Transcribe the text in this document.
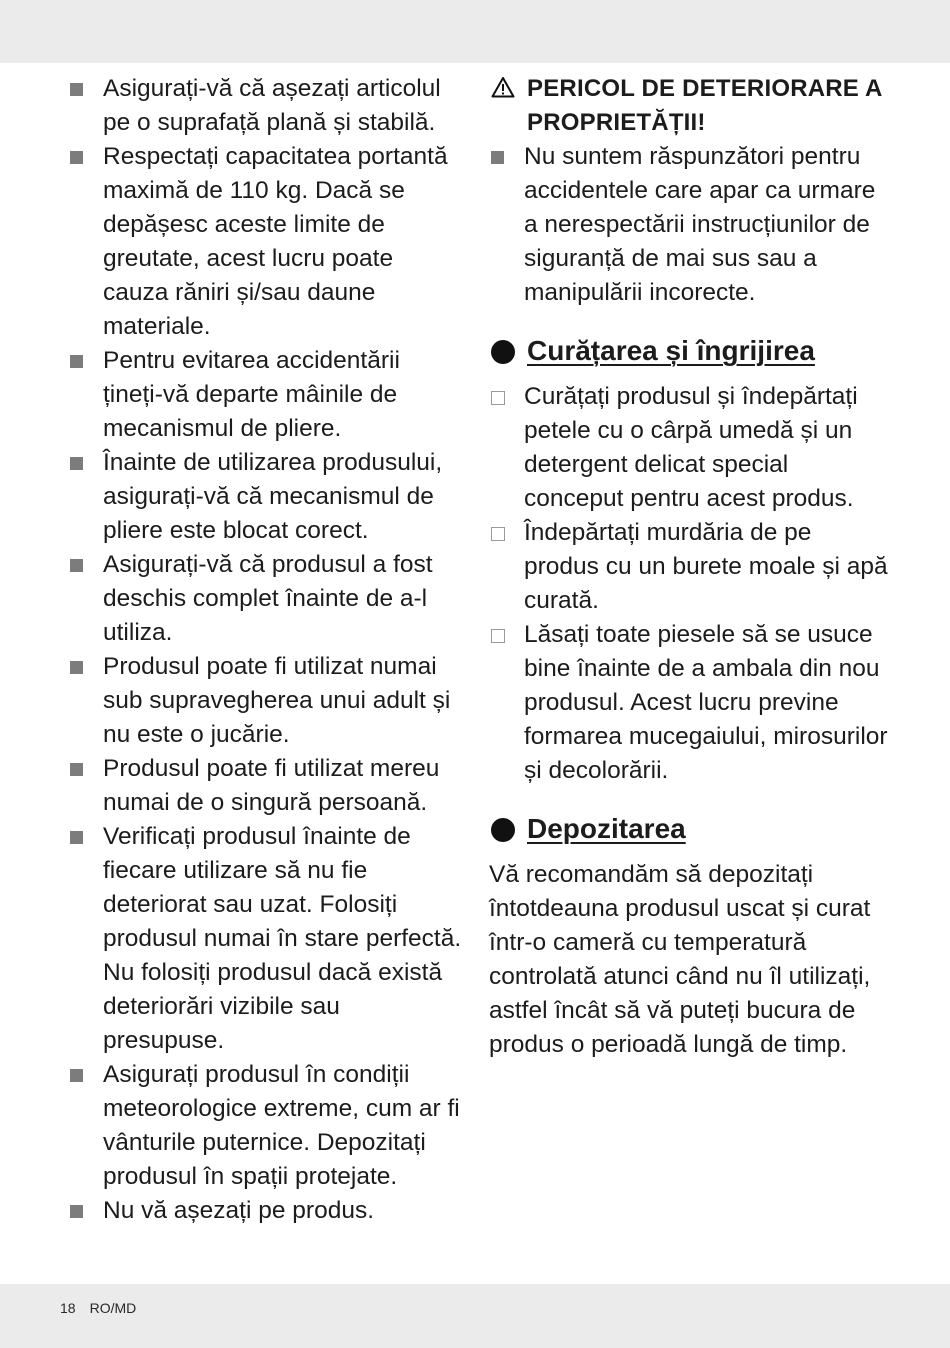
Asigurați-vă că așezați articolul pe o suprafață plană și stabilă.
Respectați capacitatea portantă maximă de 110 kg. Dacă se depășesc aceste limite de greutate, acest lucru poate cauza răniri și/sau daune materiale.
Pentru evitarea accidentării țineți-vă departe mâinile de mecanismul de pliere.
Înainte de utilizarea produsului, asigurați-vă că mecanismul de pliere este blocat corect.
Asigurați-vă că produsul a fost deschis complet înainte de a-l utiliza.
Produsul poate fi utilizat numai sub supravegherea unui adult și nu este o jucărie.
Produsul poate fi utilizat mereu numai de o singură persoană.
Verificați produsul înainte de fiecare utilizare să nu fie deteriorat sau uzat. Folosiți produsul numai în stare perfectă. Nu folosiți produsul dacă există deteriorări vizibile sau presupuse.
Asigurați produsul în condiții meteorologice extreme, cum ar fi vânturile puternice. Depozitați produsul în spații protejate.
Nu vă așezați pe produs.
PERICOL DE DETERIORARE A PROPRIETĂȚII!
Nu suntem răspunzători pentru accidentele care apar ca urmare a nerespectării instrucțiunilor de siguranță de mai sus sau a manipulării incorecte.
Curățarea și îngrijirea
Curățați produsul și îndepărtați petele cu o cârpă umedă și un detergent delicat special conceput pentru acest produs.
Îndepărtați murdăria de pe produs cu un burete moale și apă curată.
Lăsați toate piesele să se usuce bine înainte de a ambala din nou produsul. Acest lucru previne formarea mucegaiului, mirosurilor și decolorării.
Depozitarea

Vă recomandăm să depozitați întotdeauna produsul uscat și curat într-o cameră cu temperatură controlată atunci când nu îl utilizați, astfel încât să vă puteți bucura de produs o perioadă lungă de timp.

18 RO/MD
